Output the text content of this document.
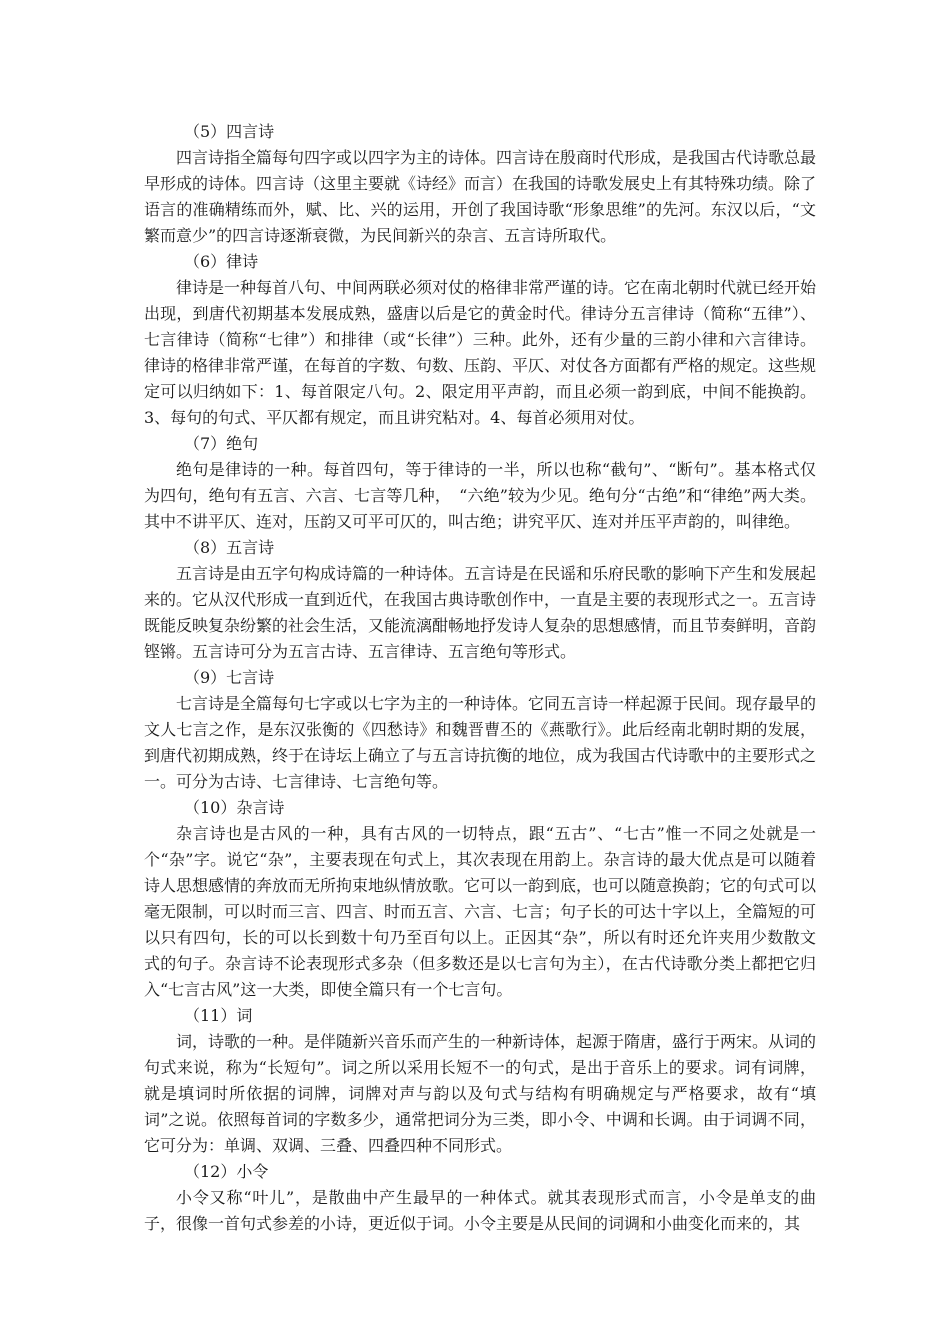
（5）四言诗

四言诗指全篇每句四字或以四字为主的诗体。四言诗在殷商时代形成，是我国古代诗歌总最早形成的诗体。四言诗（这里主要就《诗经》而言）在我国的诗歌发展史上有其特殊功绩。除了语言的准确精练而外，赋、比、兴的运用，开创了我国诗歌“形象思维”的先河。东汉以后，“文繁而意少”的四言诗逐渐衰微，为民间新兴的杂言、五言诗所取代。

（6）律诗

律诗是一种每首八句、中间两联必须对仗的格律非常严谨的诗。它在南北朝时代就已经开始出现，到唐代初期基本发展成熟，盛唐以后是它的黄金时代。律诗分五言律诗（简称“五律”）、七言律诗（简称“七律”）和排律（或“长律”）三种。此外，还有少量的三韵小律和六言律诗。律诗的格律非常严谨，在每首的字数、句数、压韵、平仄、对仗各方面都有严格的规定。这些规定可以归纳如下：1、每首限定八句。2、限定用平声韵，而且必须一韵到底，中间不能换韵。3、每句的句式、平仄都有规定，而且讲究粘对。4、每首必须用对仗。

（7）绝句

绝句是律诗的一种。每首四句，等于律诗的一半，所以也称“截句”、“断句”。基本格式仅为四句，绝句有五言、六言、七言等几种，　“六绝”较为少见。绝句分“古绝”和“律绝”两大类。其中不讲平仄、连对，压韵又可平可仄的，叫古绝；讲究平仄、连对并压平声韵的，叫律绝。

（8）五言诗

五言诗是由五字句构成诗篇的一种诗体。五言诗是在民谣和乐府民歌的影响下产生和发展起来的。它从汉代形成一直到近代，在我国古典诗歌创作中，一直是主要的表现形式之一。五言诗既能反映复杂纷繁的社会生活，又能流漓酣畅地抒发诗人复杂的思想感情，而且节奏鲜明，音韵铿锵。五言诗可分为五言古诗、五言律诗、五言绝句等形式。

（9）七言诗

七言诗是全篇每句七字或以七字为主的一种诗体。它同五言诗一样起源于民间。现存最早的文人七言之作，是东汉张衡的《四愁诗》和魏晋曹丕的《燕歌行》。此后经南北朝时期的发展，到唐代初期成熟，终于在诗坛上确立了与五言诗抗衡的地位，成为我国古代诗歌中的主要形式之一。可分为古诗、七言律诗、七言绝句等。

（10）杂言诗

杂言诗也是古风的一种，具有古风的一切特点，跟“五古”、“七古”惟一不同之处就是一个“杂”字。说它“杂”，主要表现在句式上，其次表现在用韵上。杂言诗的最大优点是可以随着诗人思想感情的奔放而无所拘束地纵情放歌。它可以一韵到底，也可以随意换韵；它的句式可以毫无限制，可以时而三言、四言、时而五言、六言、七言；句子长的可达十字以上，全篇短的可以只有四句，长的可以长到数十句乃至百句以上。正因其“杂”，所以有时还允许夹用少数散文式的句子。杂言诗不论表现形式多杂（但多数还是以七言句为主），在古代诗歌分类上都把它归入“七言古风”这一大类，即使全篇只有一个七言句。

（11）词

词，诗歌的一种。是伴随新兴音乐而产生的一种新诗体，起源于隋唐，盛行于两宋。从词的句式来说，称为“长短句”。词之所以采用长短不一的句式，是出于音乐上的要求。词有词牌，就是填词时所依据的词牌，词牌对声与韵以及句式与结构有明确规定与严格要求，故有“填词”之说。依照每首词的字数多少，通常把词分为三类，即小令、中调和长调。由于词调不同，它可分为：单调、双调、三叠、四叠四种不同形式。

（12）小令

小令又称“叶儿”，是散曲中产生最早的一种体式。就其表现形式而言，小令是单支的曲子，很像一首句式参差的小诗，更近似于词。小令主要是从民间的词调和小曲变化而来的，其
